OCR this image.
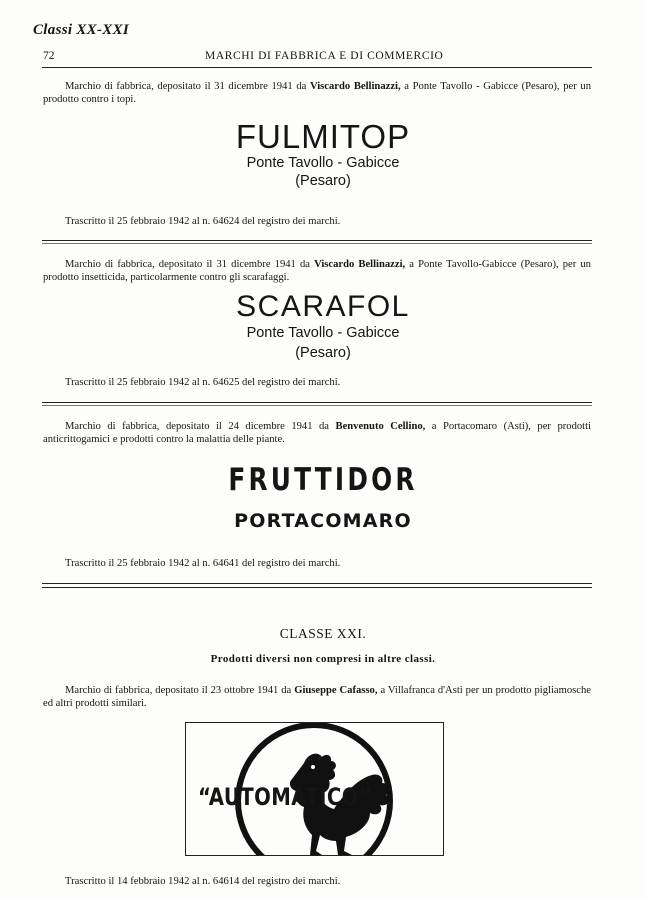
Classi XX-XXI
72	MARCHI DI FABBRICA E DI COMMERCIO
Marchio di fabbrica, depositato il 31 dicembre 1941 da Viscardo Bellinazzi, a Ponte Tavollo - Gabicce (Pesaro), per un prodotto contro i topi.
FULMITOP
Ponte Tavollo - Gabicce
(Pesaro)
Trascritto il 25 febbraio 1942 al n. 64624 del registro dei marchi.
Marchio di fabbrica, depositato il 31 dicembre 1941 da Viscardo Bellinazzi, a Ponte Tavollo-Gabicce (Pesaro), per un prodotto insetticida, particolarmente contro gli scarafaggi.
SCARAFOL
Ponte Tavollo - Gabicce
(Pesaro)
Trascritto il 25 febbraio 1942 al n. 64625 del registro dei marchi.
Marchio di fabbrica, depositato il 24 dicembre 1941 da Benvenuto Cellino, a Portacomaro (Asti), per prodotti anticrittogamici e prodotti contro la malattia delle piante.
FRUTTIDOR
PORTACOMARO
Trascritto il 25 febbraio 1942 al n. 64641 del registro dei marchi.
CLASSE XXI.
Prodotti diversi non compresi in altre classi.
Marchio di fabbrica, depositato il 23 ottobre 1941 da Giuseppe Cafasso, a Villafranca d'Asti per un prodotto pigliamosche ed altri prodotti similari.
“AUTOMATICO”
Trascritto il 14 febbraio 1942 al n. 64614 del registro dei marchi.
